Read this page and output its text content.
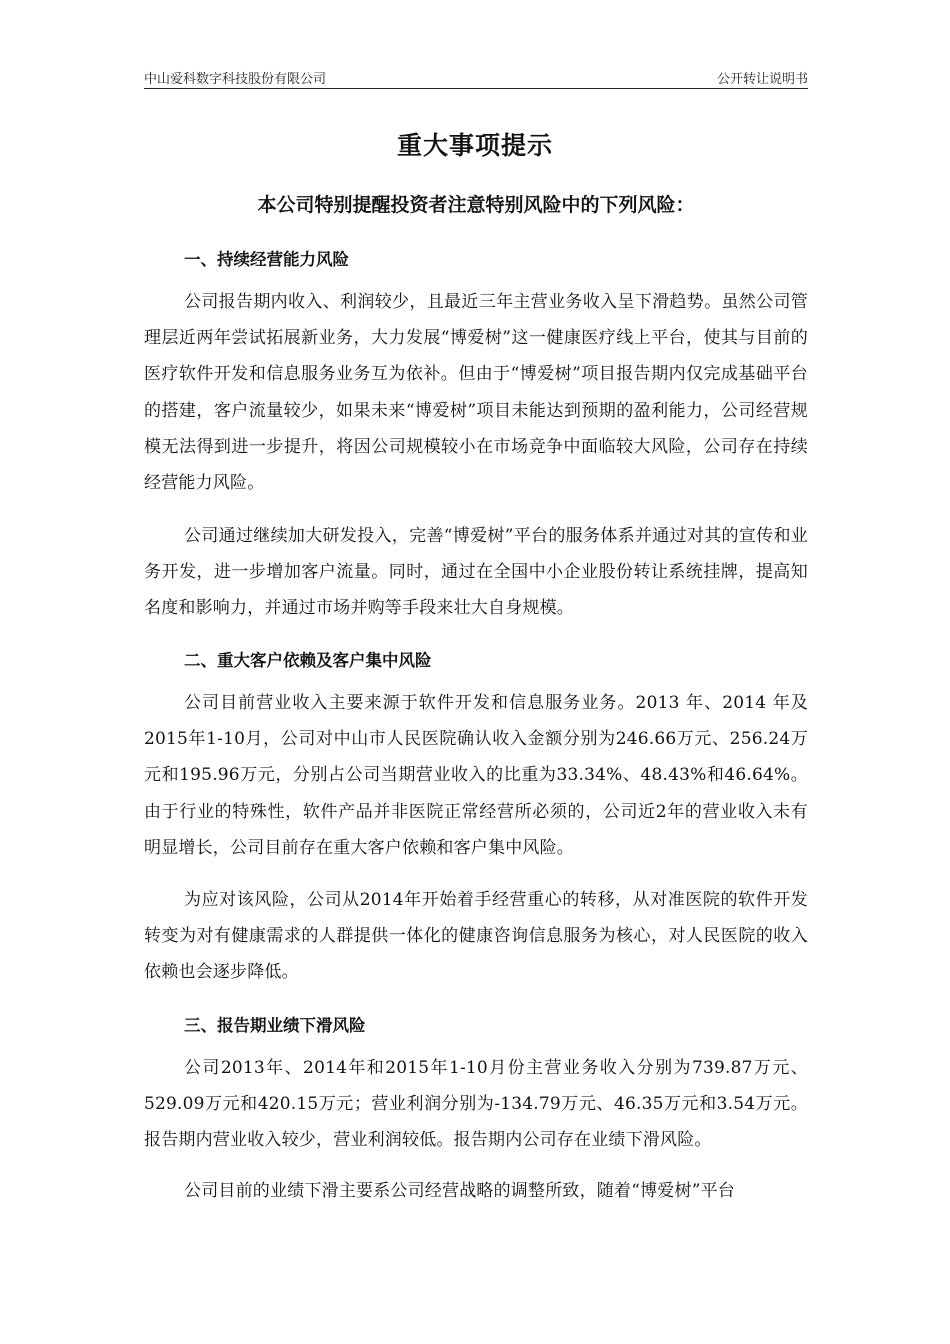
中山爱科数字科技股份有限公司	公开转让说明书
重大事项提示
本公司特别提醒投资者注意特别风险中的下列风险：
一、持续经营能力风险

公司报告期内收入、利润较少，且最近三年主营业务收入呈下滑趋势。虽然公司管理层近两年尝试拓展新业务，大力发展“博爱树”这一健康医疗线上平台，使其与目前的医疗软件开发和信息服务业务互为依补。但由于“博爱树”项目报告期内仅完成基础平台的搭建，客户流量较少，如果未来“博爱树”项目未能达到预期的盈利能力，公司经营规模无法得到进一步提升，将因公司规模较小在市场竞争中面临较大风险，公司存在持续经营能力风险。

公司通过继续加大研发投入，完善“博爱树”平台的服务体系并通过对其的宣传和业务开发，进一步增加客户流量。同时，通过在全国中小企业股份转让系统挂牌，提高知名度和影响力，并通过市场并购等手段来壮大自身规模。

二、重大客户依赖及客户集中风险

公司目前营业收入主要来源于软件开发和信息服务业务。2013 年、2014 年及2015年1-10月，公司对中山市人民医院确认收入金额分别为246.66万元、256.24万元和195.96万元，分别占公司当期营业收入的比重为33.34%、48.43%和46.64%。由于行业的特殊性，软件产品并非医院正常经营所必须的，公司近2年的营业收入未有明显增长，公司目前存在重大客户依赖和客户集中风险。

为应对该风险，公司从2014年开始着手经营重心的转移，从对准医院的软件开发转变为对有健康需求的人群提供一体化的健康咨询信息服务为核心，对人民医院的收入依赖也会逐步降低。

三、报告期业绩下滑风险

公司2013年、2014年和2015年1-10月份主营业务收入分别为739.87万元、529.09万元和420.15万元；营业利润分别为-134.79万元、46.35万元和3.54万元。报告期内营业收入较少，营业利润较低。报告期内公司存在业绩下滑风险。

公司目前的业绩下滑主要系公司经营战略的调整所致，随着“博爱树”平台
